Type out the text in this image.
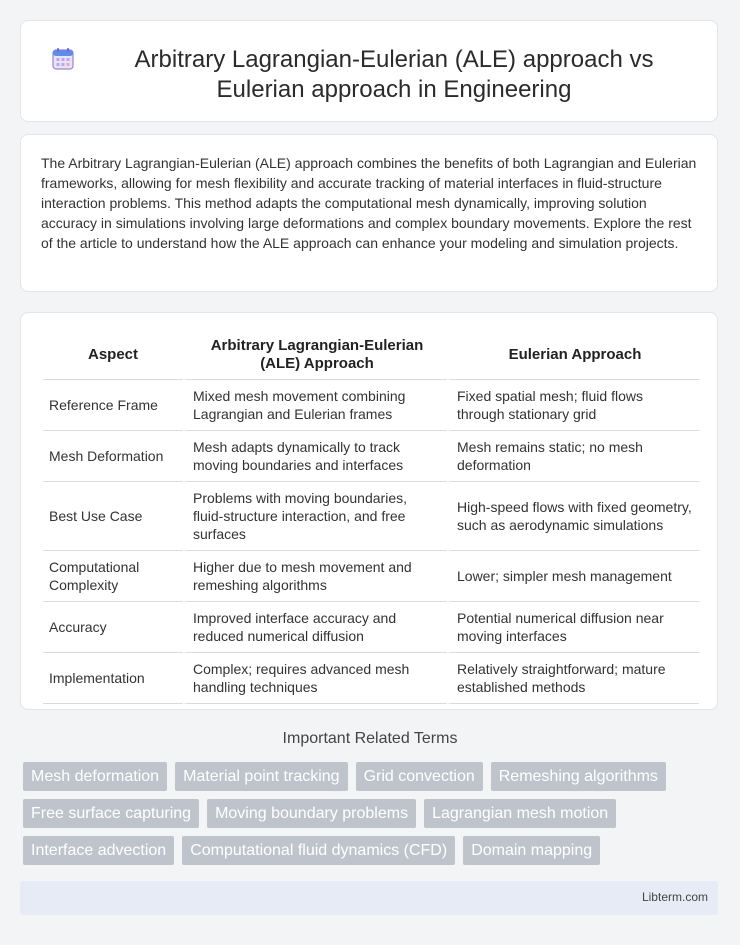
Arbitrary Lagrangian-Eulerian (ALE) approach vs Eulerian approach in Engineering
The Arbitrary Lagrangian-Eulerian (ALE) approach combines the benefits of both Lagrangian and Eulerian frameworks, allowing for mesh flexibility and accurate tracking of material interfaces in fluid-structure interaction problems. This method adapts the computational mesh dynamically, improving solution accuracy in simulations involving large deformations and complex boundary movements. Explore the rest of the article to understand how the ALE approach can enhance your modeling and simulation projects.
Aspect	Arbitrary Lagrangian-Eulerian (ALE) Approach	Eulerian Approach
Reference Frame	Mixed mesh movement combining Lagrangian and Eulerian frames	Fixed spatial mesh; fluid flows through stationary grid
Mesh Deformation	Mesh adapts dynamically to track moving boundaries and interfaces	Mesh remains static; no mesh deformation
Best Use Case	Problems with moving boundaries, fluid-structure interaction, and free surfaces	High-speed flows with fixed geometry, such as aerodynamic simulations
Computational Complexity	Higher due to mesh movement and remeshing algorithms	Lower; simpler mesh management
Accuracy	Improved interface accuracy and reduced numerical diffusion	Potential numerical diffusion near moving interfaces
Implementation	Complex; requires advanced mesh handling techniques	Relatively straightforward; mature established methods
Important Related Terms
Mesh deformation	Material point tracking	Grid convection	Remeshing algorithms
Free surface capturing	Moving boundary problems	Lagrangian mesh motion
Interface advection	Computational fluid dynamics (CFD)	Domain mapping
Libterm.com
